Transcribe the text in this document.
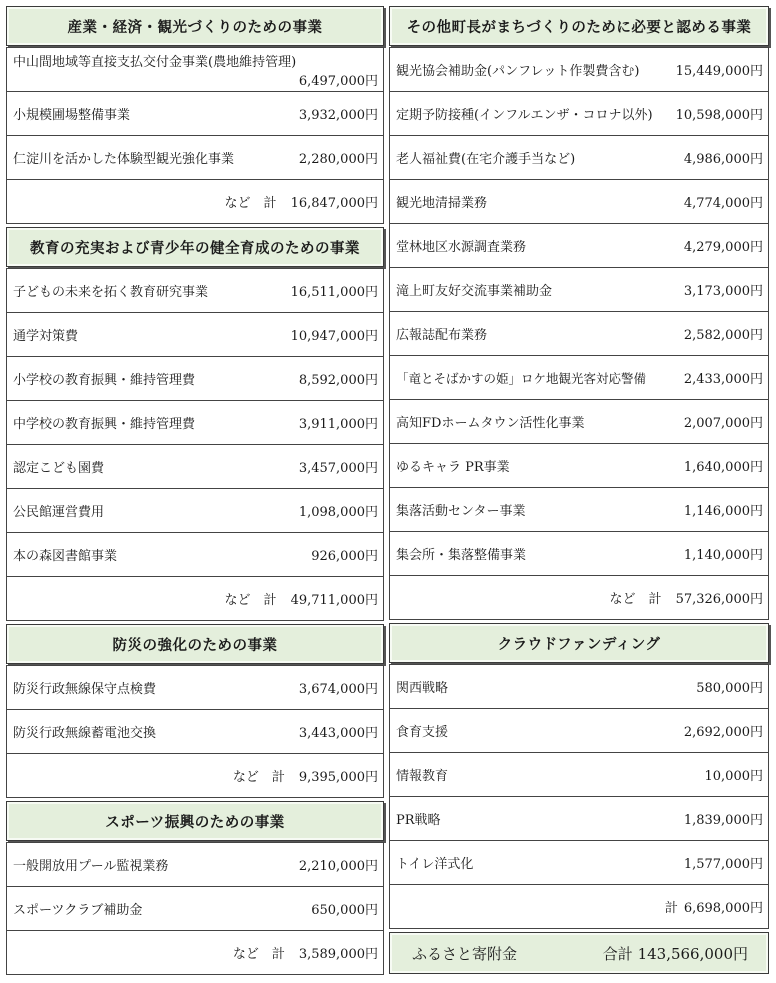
産業・経済・観光づくりのための事業
中山間地域等直接支払交付金事業(農地維持管理)
6,497,000円
小規模圃場整備事業	3,932,000円
仁淀川を活かした体験型観光強化事業	2,280,000円
など　計 16,847,000円
教育の充実および青少年の健全育成のための事業
子どもの未来を拓く教育研究事業	16,511,000円
通学対策費	10,947,000円
小学校の教育振興・維持管理費	8,592,000円
中学校の教育振興・維持管理費	3,911,000円
認定こども園費	3,457,000円
公民館運営費用	1,098,000円
本の森図書館事業	926,000円
など　計 49,711,000円
防災の強化のための事業
防災行政無線保守点検費	3,674,000円
防災行政無線蓄電池交換	3,443,000円
など　計 9,395,000円
スポーツ振興のための事業
一般開放用プール監視業務	2,210,000円
スポーツクラブ補助金	650,000円
など　計 3,589,000円
その他町長がまちづくりのために必要と認める事業
観光協会補助金(パンフレット作製費含む)	15,449,000円
定期予防接種(インフルエンザ・コロナ以外) 10,598,000円
老人福祉費(在宅介護手当など)	4,986,000円
観光地清掃業務	4,774,000円
堂林地区水源調査業務	4,279,000円
滝上町友好交流事業補助金	3,173,000円
広報誌配布業務	2,582,000円
「竜とそばかすの姫」ロケ地観光客対応警備	2,433,000円
高知FDホームタウン活性化事業	2,007,000円
ゆるキャラ PR事業	1,640,000円
集落活動センター事業	1,146,000円
集会所・集落整備事業	1,140,000円
など　計 57,326,000円
クラウドファンディング
関西戦略	580,000円
食育支援	2,692,000円
情報教育	10,000円
PR戦略	1,839,000円
トイレ洋式化	1,577,000円
計 6,698,000円
ふるさと寄附金	合計 143,566,000円
